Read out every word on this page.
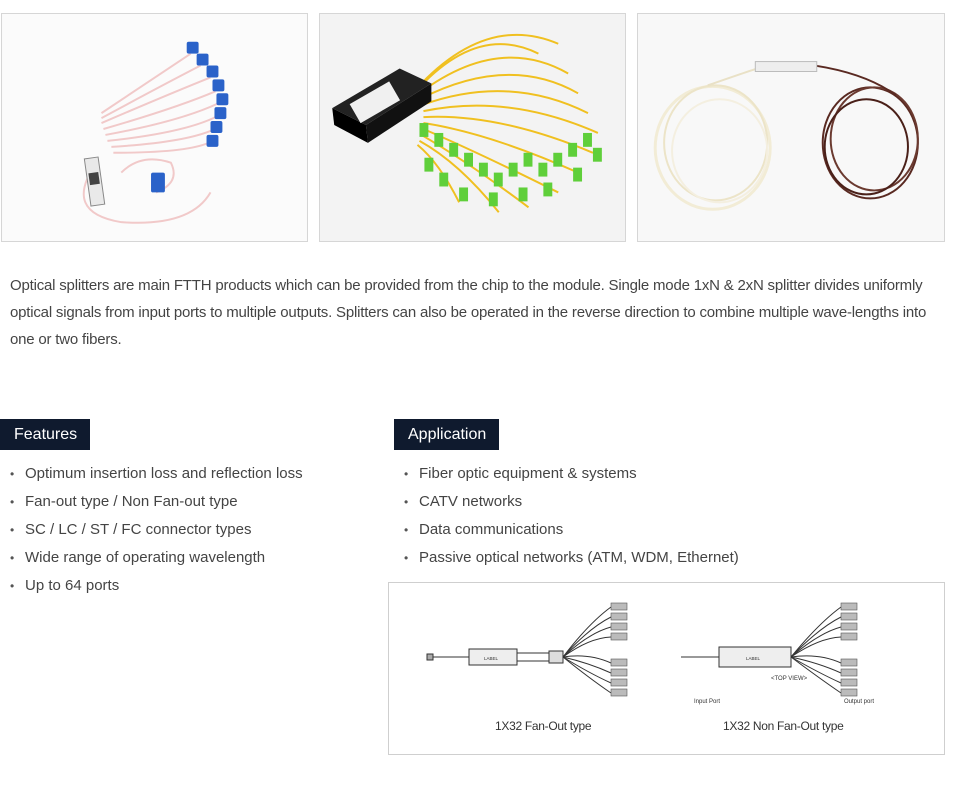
Optical splitters are main FTTH products which can be provided from the chip to the module. Single mode 1xN & 2xN splitter divides uniformly optical signals from input ports to multiple outputs. Splitters can also be operated in the reverse direction to combine multiple wave-lengths into one or two fibers.
Features
• Optimum insertion loss and reflection loss
• Fan-out type / Non Fan-out type
• SC / LC / ST / FC connector types
• Wide range of operating wavelength
• Up to 64 ports
Application
• Fiber optic equipment & systems
• CATV networks
• Data communications
• Passive optical networks (ATM, WDM, Ethernet)
LABEL	LABEL
<TOP VIEW>
Input Port	Output port
1X32 Fan-Out type	1X32 Non Fan-Out type
